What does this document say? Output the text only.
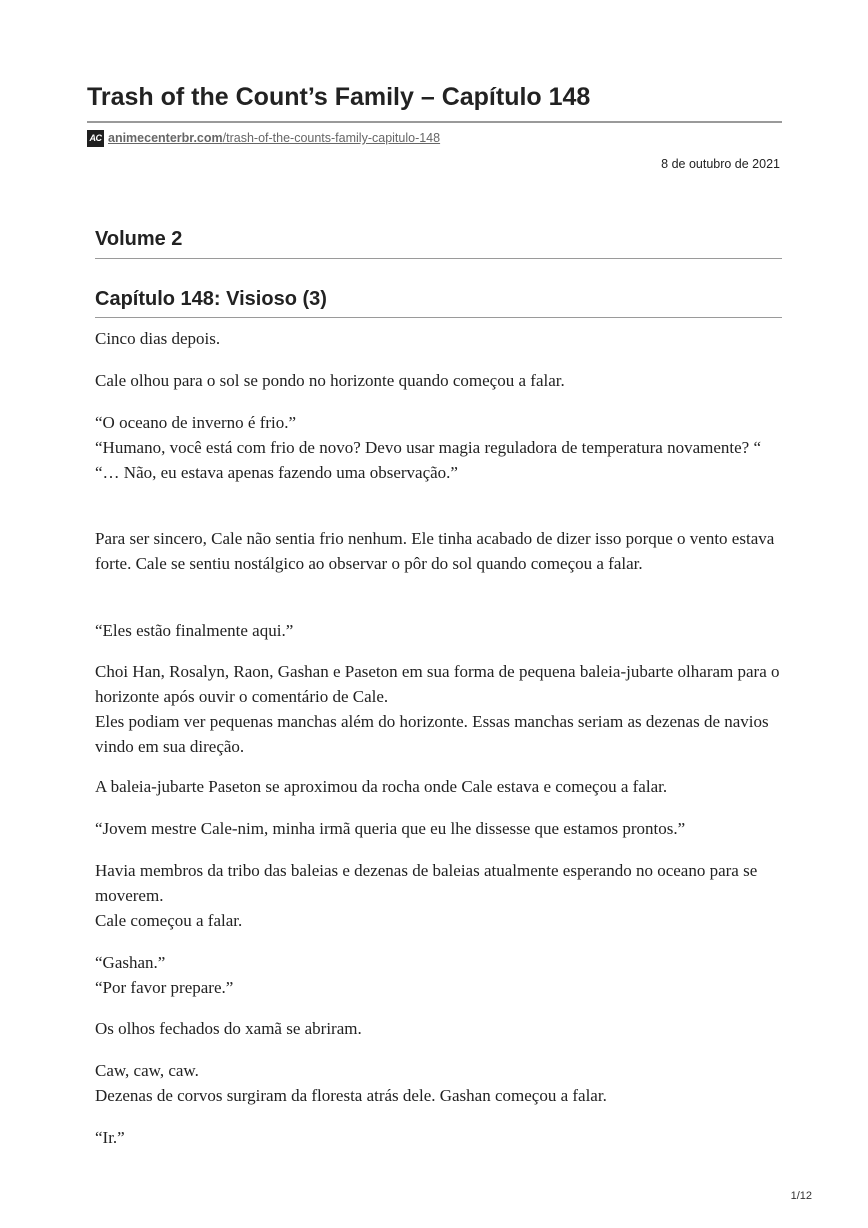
Trash of the Count’s Family – Capítulo 148
AC animecenterbr.com/trash-of-the-counts-family-capitulo-148
8 de outubro de 2021
Volume 2
Capítulo 148: Visioso (3)

Cinco dias depois.

Cale olhou para o sol se pondo no horizonte quando começou a falar.

“O oceano de inverno é frio.”
“Humano, você está com frio de novo? Devo usar magia reguladora de temperatura novamente? “
“… Não, eu estava apenas fazendo uma observação.”

Para ser sincero, Cale não sentia frio nenhum. Ele tinha acabado de dizer isso porque o vento estava forte. Cale se sentiu nostálgico ao observar o pôr do sol quando começou a falar.

“Eles estão finalmente aqui.”

Choi Han, Rosalyn, Raon, Gashan e Paseton em sua forma de pequena baleia-jubarte olharam para o horizonte após ouvir o comentário de Cale.
Eles podiam ver pequenas manchas além do horizonte. Essas manchas seriam as dezenas de navios vindo em sua direção.

A baleia-jubarte Paseton se aproximou da rocha onde Cale estava e começou a falar.

“Jovem mestre Cale-nim, minha irmã queria que eu lhe dissesse que estamos prontos.”

Havia membros da tribo das baleias e dezenas de baleias atualmente esperando no oceano para se moverem.
Cale começou a falar.

“Gashan.”
“Por favor prepare.”

Os olhos fechados do xamã se abriram.

Caw, caw, caw.
Dezenas de corvos surgiram da floresta atrás dele. Gashan começou a falar.

“Ir.”

1/12
